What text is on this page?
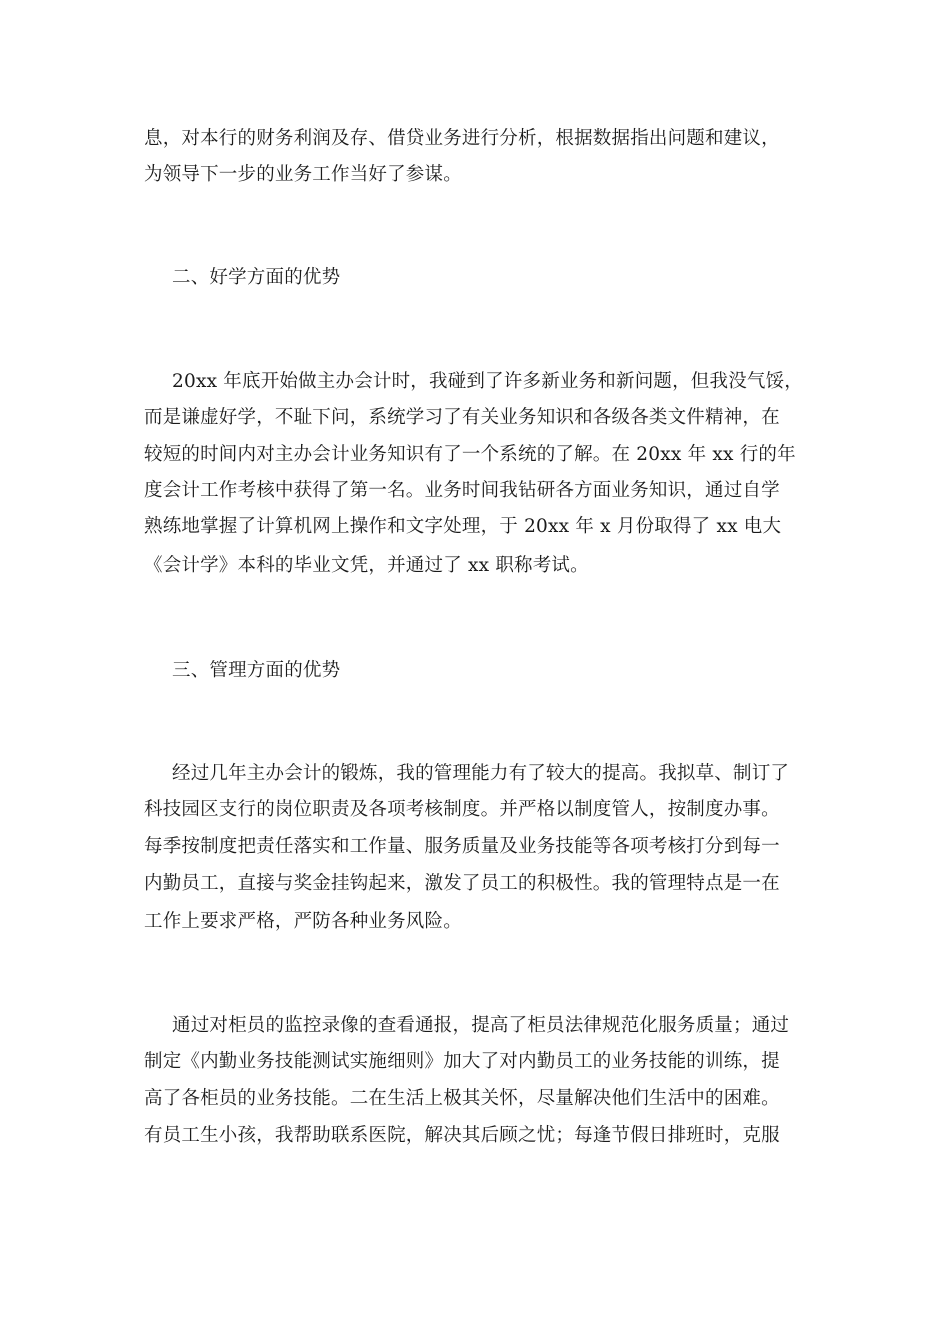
息，对本行的财务利润及存、借贷业务进行分析，根据数据指出问题和建议，
为领导下一步的业务工作当好了参谋。
二、好学方面的优势
20xx 年底开始做主办会计时，我碰到了许多新业务和新问题，但我没气馁，
而是谦虚好学，不耻下问，系统学习了有关业务知识和各级各类文件精神，在
较短的时间内对主办会计业务知识有了一个系统的了解。在 20xx 年 xx 行的年
度会计工作考核中获得了第一名。业务时间我钻研各方面业务知识，通过自学
熟练地掌握了计算机网上操作和文字处理，于 20xx 年 x 月份取得了 xx 电大
《会计学》本科的毕业文凭，并通过了 xx 职称考试。
三、管理方面的优势
经过几年主办会计的锻炼，我的管理能力有了较大的提高。我拟草、制订了
科技园区支行的岗位职责及各项考核制度。并严格以制度管人，按制度办事。
每季按制度把责任落实和工作量、服务质量及业务技能等各项考核打分到每一
内勤员工，直接与奖金挂钩起来，激发了员工的积极性。我的管理特点是一在
工作上要求严格，严防各种业务风险。
通过对柜员的监控录像的查看通报，提高了柜员法律规范化服务质量；通过
制定《内勤业务技能测试实施细则》加大了对内勤员工的业务技能的训练，提
高了各柜员的业务技能。二在生活上极其关怀，尽量解决他们生活中的困难。
有员工生小孩，我帮助联系医院，解决其后顾之忧；每逢节假日排班时，克服
